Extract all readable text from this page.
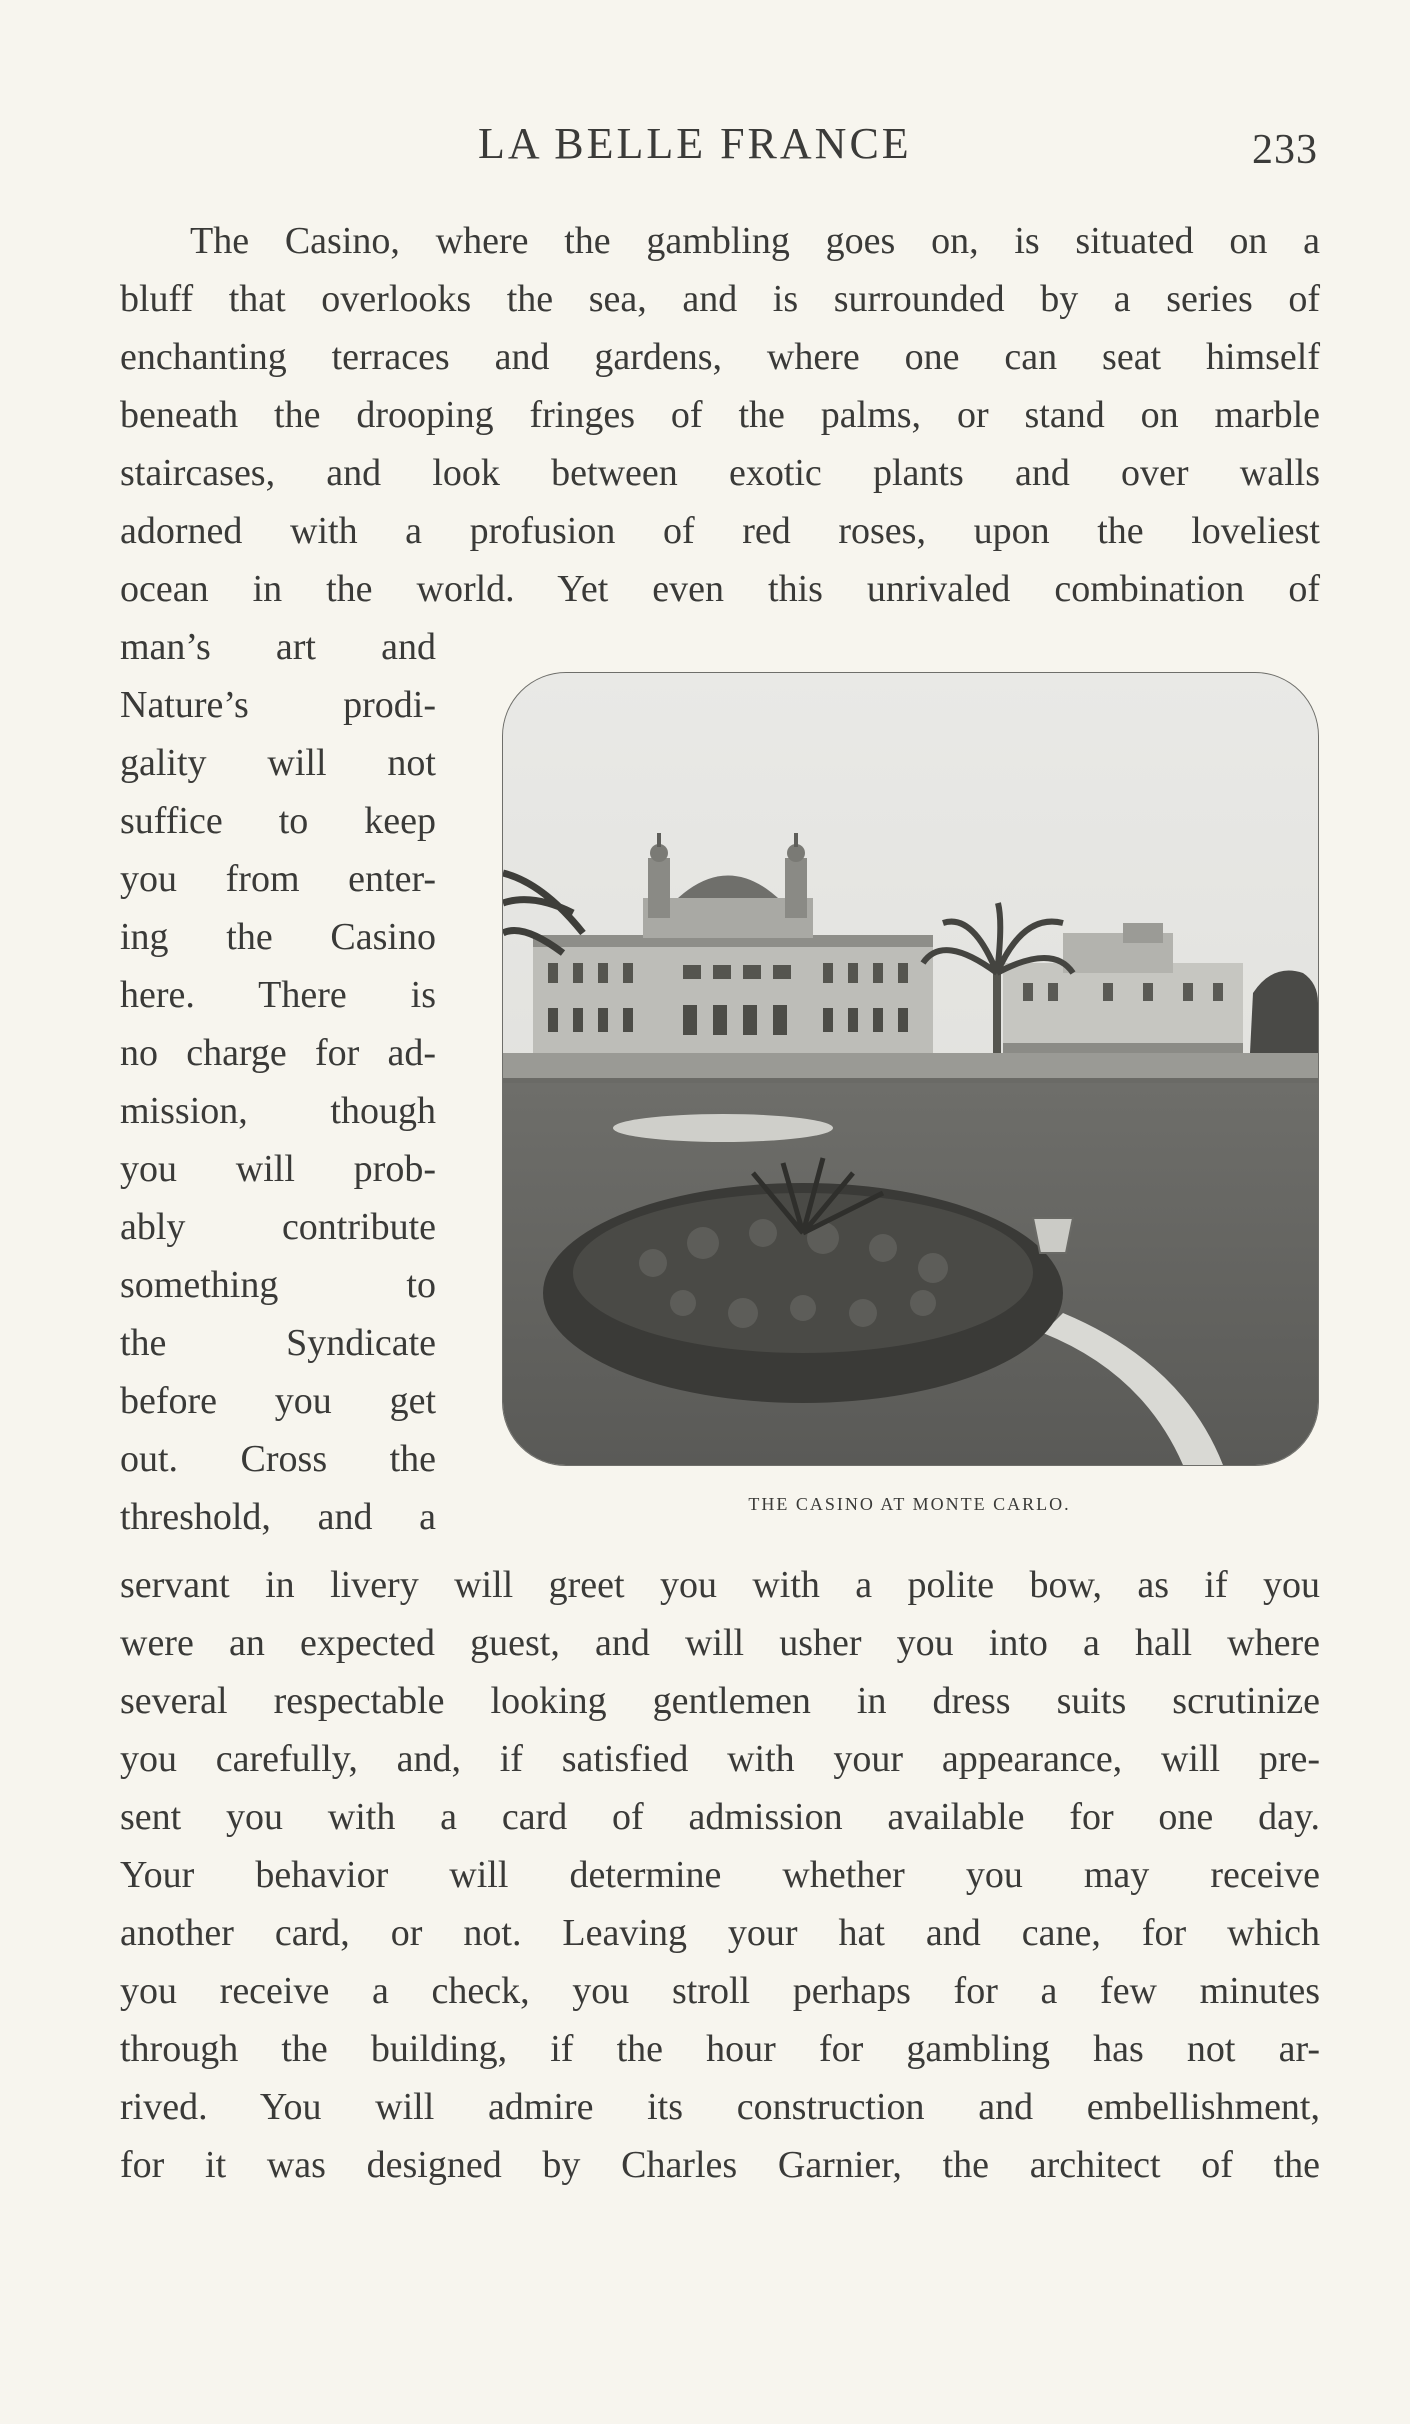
LA BELLE FRANCE	233
The Casino, where the gambling goes on, is situated on a
bluff that overlooks the sea, and is surrounded by a series of
enchanting terraces and gardens, where one can seat himself
beneath the drooping fringes of the palms, or stand on marble
staircases, and look between exotic plants and over walls
adorned with a profusion of red roses, upon the loveliest
ocean in the world. Yet even this unrivaled combination of
man’s art and
Nature’s prodi-
gality will not
suffice to keep
you from enter-
ing the Casino
here. There is
no charge for ad-
mission, though
you will prob-
ably contribute
something to
the Syndicate
before you get
out. Cross the
threshold, and a	THE CASINO AT MONTE CARLO.
servant in livery will greet you with a polite bow, as if you
were an expected guest, and will usher you into a hall where
several respectable looking gentlemen in dress suits scrutinize
you carefully, and, if satisfied with your appearance, will pre-
sent you with a card of admission available for one day.
Your behavior will determine whether you may receive
another card, or not. Leaving your hat and cane, for which
you receive a check, you stroll perhaps for a few minutes
through the building, if the hour for gambling has not ar-
rived. You will admire its construction and embellishment,
for it was designed by Charles Garnier, the architect of the
